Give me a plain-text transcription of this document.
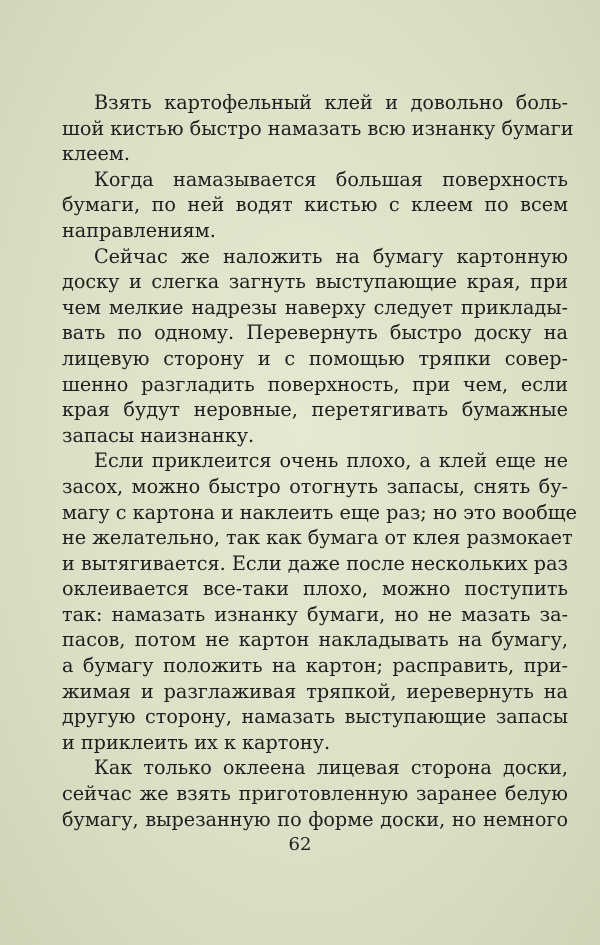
Взять картофельный клей и довольно боль-
шой кистью быстро намазать всю изнанку бумаги
клеем.
Когда намазывается большая поверхность
бумаги, по ней водят кистью с клеем по всем
направлениям.
Сейчас же наложить на бумагу картонную
доску и слегка загнуть выступающие края, при
чем мелкие надрезы наверху следует приклады-
вать по одному. Перевернуть быстро доску на
лицевую сторону и с помощью тряпки совер-
шенно разгладить поверхность, при чем, если
края будут неровные, перетягивать бумажные
запасы наизнанку.
Если приклеится очень плохо, а клей еще не
засох, можно быстро отогнуть запасы, снять бу-
магу с картона и наклеить еще раз; но это вообще
не желательно, так как бумага от клея размокает
и вытягивается. Если даже после нескольких раз
оклеивается все-таки плохо, можно поступить
так: намазать изнанку бумаги, но не мазать за-
пасов, потом не картон накладывать на бумагу,
а бумагу положить на картон; расправить, при-
жимая и разглаживая тряпкой, иеревернуть на
другую сторону, намазать выступающие запасы
и приклеить их к картону.
Как только оклеена лицевая сторона доски,
сейчас же взять приготовленную заранее белую
бумагу, вырезанную по форме доски, но немного
62
